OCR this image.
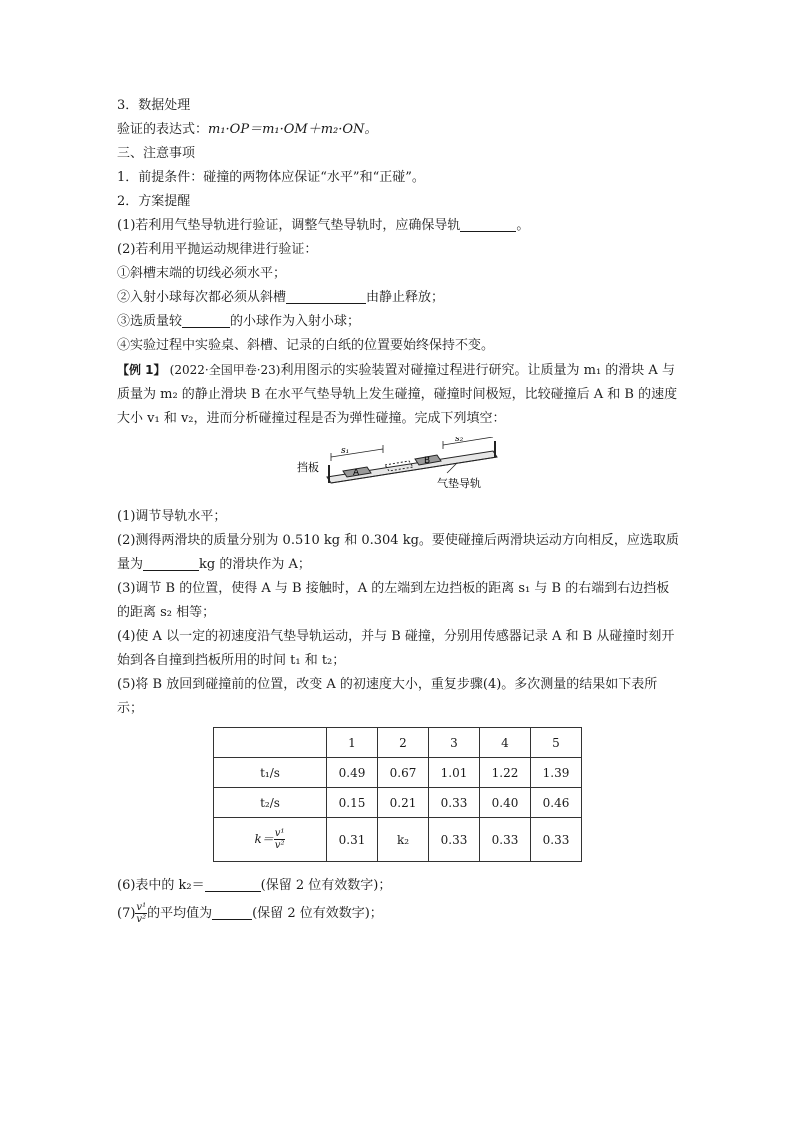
3．数据处理
验证的表达式：m₁·OP＝m₁·OM＋m₂·ON。
三、注意事项
1．前提条件：碰撞的两物体应保证“水平”和“正碰”。
2．方案提醒
(1)若利用气垫导轨进行验证，调整气垫导轨时，应确保导轨	。
(2)若利用平抛运动规律进行验证：
①斜槽末端的切线必须水平；
②入射小球每次都必须从斜槽	由静止释放；
③选质量较	的小球作为入射小球；
④实验过程中实验桌、斜槽、记录的白纸的位置要始终保持不变。
【例 1】 (2022·全国甲卷·23)利用图示的实验装置对碰撞过程进行研究。让质量为 m₁ 的滑块 A 与质量为 m₂ 的静止滑块 B 在水平气垫导轨上发生碰撞，碰撞时间极短，比较碰撞后 A 和 B 的速度大小 v₁ 和 v₂，进而分析碰撞过程是否为弹性碰撞。完成下列填空：
s₁
s₂
A
B
挡板
气垫导轨
(1)调节导轨水平；
(2)测得两滑块的质量分别为 0.510 kg 和 0.304 kg。要使碰撞后两滑块运动方向相反，应选取质量为	kg 的滑块作为 A；
(3)调节 B 的位置，使得 A 与 B 接触时，A 的左端到左边挡板的距离 s₁ 与 B 的右端到右边挡板的距离 s₂ 相等；
(4)使 A 以一定的初速度沿气垫导轨运动，并与 B 碰撞，分别用传感器记录 A 和 B 从碰撞时刻开始到各自撞到挡板所用的时间 t₁ 和 t₂；
(5)将 B 放回到碰撞前的位置，改变 A 的初速度大小，重复步骤(4)。多次测量的结果如下表所示；
	1	2	3	4	5
t₁/s	0.49	0.67	1.01	1.22	1.39
t₂/s	0.15	0.21	0.33	0.40	0.46
$k= \frac{\text{v¹}}{\text{v²}}$	0.31	k₂	0.33	0.33	0.33
(6)表中的 k₂＝	(保留 2 位有效数字)；
$(7) \frac{\text{v¹}}{\text{v²}}$ 的平均值为	(保留 2 位有效数字)；
